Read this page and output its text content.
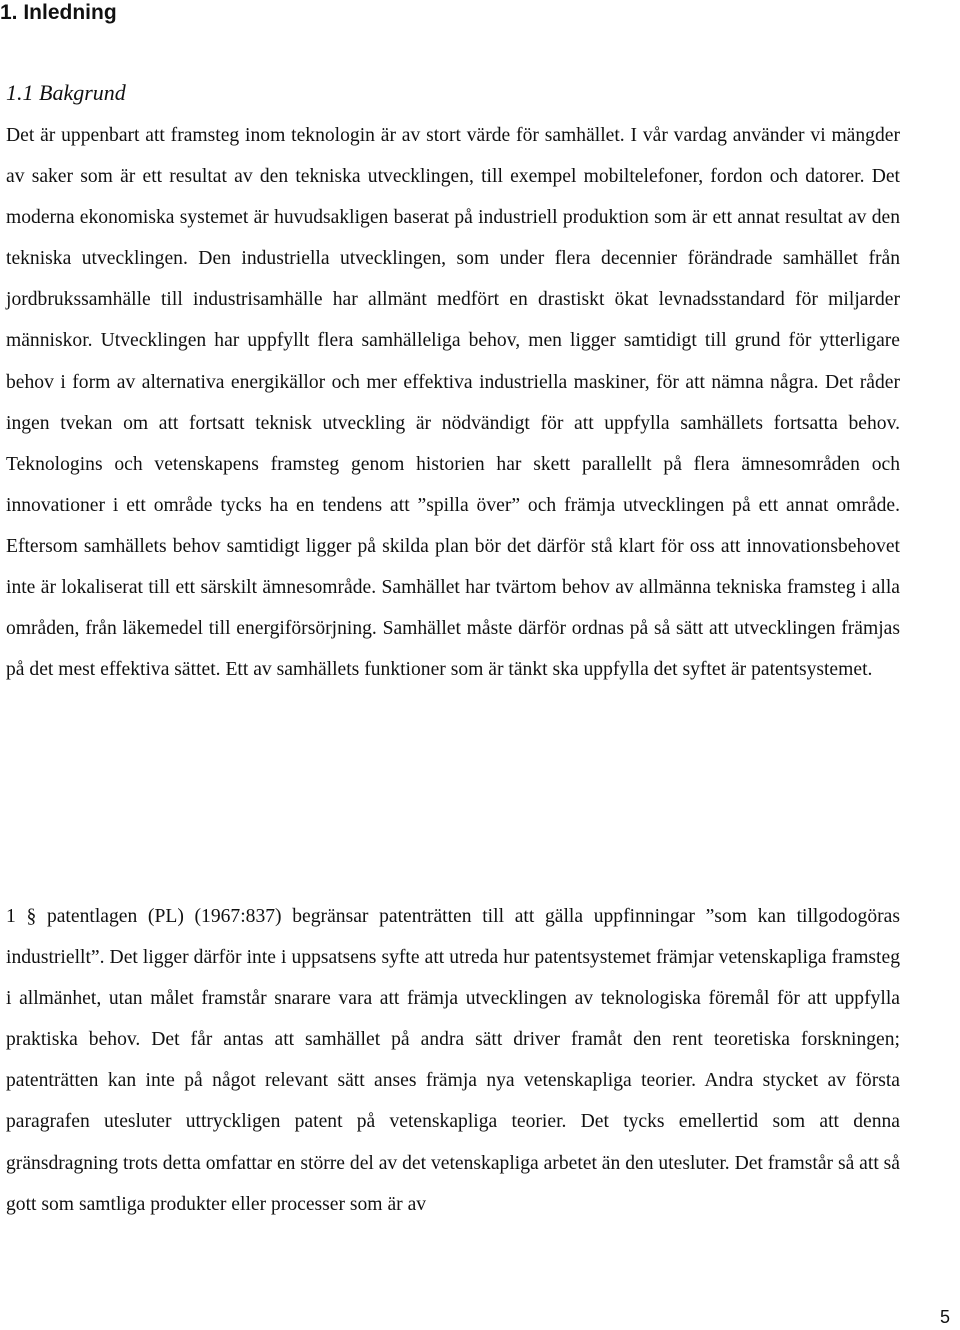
1. Inledning
1.1 Bakgrund

Det är uppenbart att framsteg inom teknologin är av stort värde för samhället. I vår vardag använder vi mängder av saker som är ett resultat av den tekniska utvecklingen, till exempel mobiltelefoner, fordon och datorer. Det moderna ekonomiska systemet är huvudsakligen baserat på industriell produktion som är ett annat resultat av den tekniska utvecklingen. Den industriella utvecklingen, som under flera decennier förändrade samhället från jordbrukssamhälle till industrisamhälle har allmänt medfört en drastiskt ökat levnadsstandard för miljarder människor. Utvecklingen har uppfyllt flera samhälleliga behov, men ligger samtidigt till grund för ytterligare behov i form av alternativa energikällor och mer effektiva industriella maskiner, för att nämna några. Det råder ingen tvekan om att fortsatt teknisk utveckling är nödvändigt för att uppfylla samhällets fortsatta behov. Teknologins och vetenskapens framsteg genom historien har skett parallellt på flera ämnesområden och innovationer i ett område tycks ha en tendens att ”spilla över” och främja utvecklingen på ett annat område. Eftersom samhällets behov samtidigt ligger på skilda plan bör det därför stå klart för oss att innovationsbehovet inte är lokaliserat till ett särskilt ämnesområde. Samhället har tvärtom behov av allmänna tekniska framsteg i alla områden, från läkemedel till energiförsörjning. Samhället måste därför ordnas på så sätt att utvecklingen främjas på det mest effektiva sättet. Ett av samhällets funktioner som är tänkt ska uppfylla det syftet är patentsystemet.

1 § patentlagen (PL) (1967:837) begränsar patenträtten till att gälla uppfinningar ”som kan tillgodogöras industriellt”. Det ligger därför inte i uppsatsens syfte att utreda hur patentsystemet främjar vetenskapliga framsteg i allmänhet, utan målet framstår snarare vara att främja utvecklingen av teknologiska föremål för att uppfylla praktiska behov. Det får antas att samhället på andra sätt driver framåt den rent teoretiska forskningen; patenträtten kan inte på något relevant sätt anses främja nya vetenskapliga teorier. Andra stycket av första paragrafen utesluter uttryckligen patent på vetenskapliga teorier. Det tycks emellertid som att denna gränsdragning trots detta omfattar en större del av det vetenskapliga arbetet än den utesluter. Det framstår så att så gott som samtliga produkter eller processer som är av

5
